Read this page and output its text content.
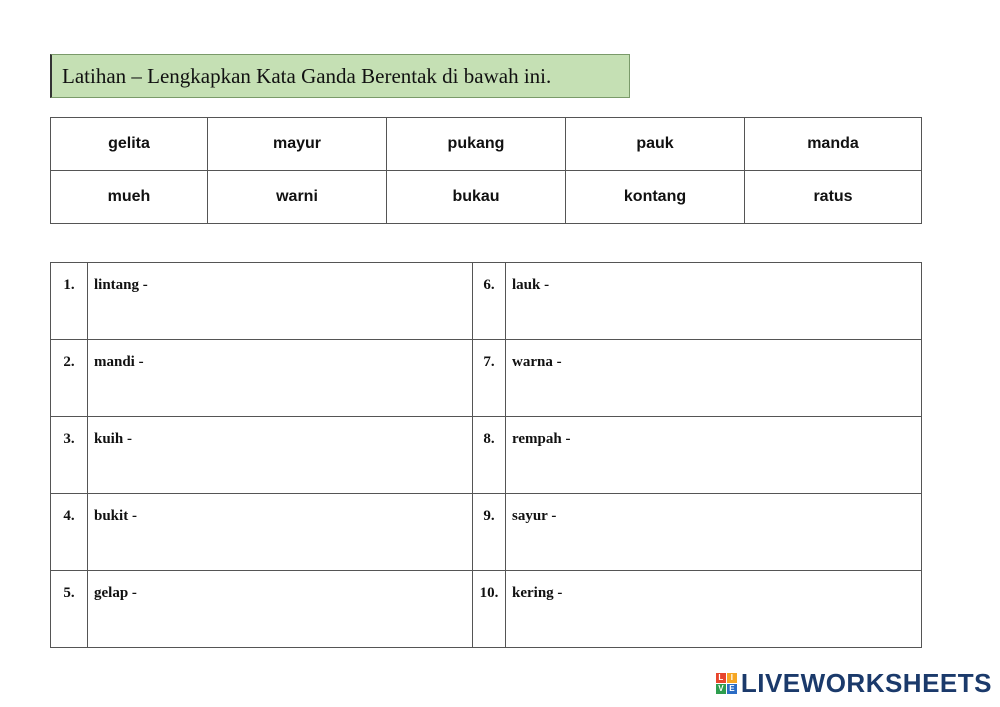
Latihan – Lengkapkan Kata Ganda Berentak di bawah ini.
gelita	mayur	pukang	pauk	manda
mueh	warni	bukau	kontang	ratus
1.	lintang -	6.	lauk -
2.	mandi -	7.	warna -
3.	kuih -	8.	rempah -
4.	bukit -	9.	sayur -
5.	gelap -	10.	kering -
L I
V E LIVEWORKSHEETS
